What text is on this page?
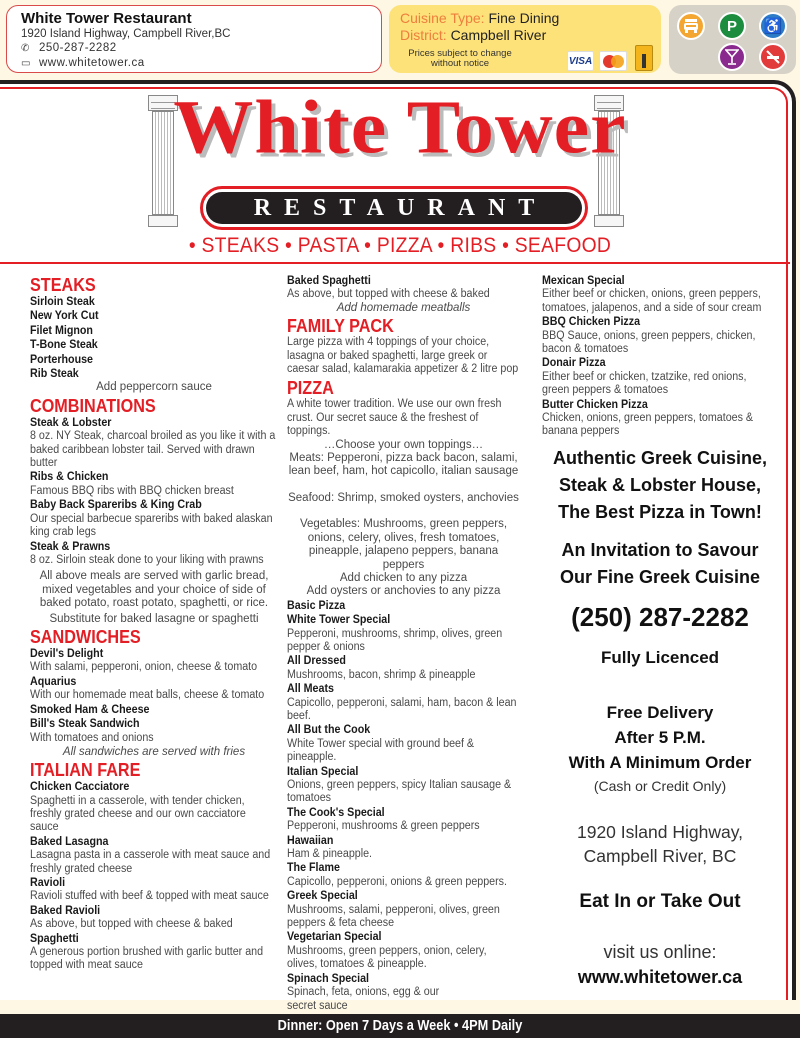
White Tower Restaurant
1920 Island Highway, Campbell River,BC
✆ 250-287-2282
▭ www.whitetower.ca
Cuisine Type: Fine Dining
District: Campbell River
Prices subject to change without notice	VISA
P	♿
White Tower
RESTAURANT
• STEAKS • PASTA • PIZZA • RIBS • SEAFOOD
STEAKS
Sirloin Steak
New York Cut
Filet Mignon
T-Bone Steak
Porterhouse
Rib Steak
Add peppercorn sauce
COMBINATIONS
Steak & Lobster
8 oz. NY Steak, charcoal broiled as you like it with a baked caribbean lobster tail. Served with drawn butter
Ribs & Chicken
Famous BBQ ribs with BBQ chicken breast
Baby Back Spareribs & King Crab
Our special barbecue spareribs with baked alaskan king crab legs
Steak & Prawns
8 oz. Sirloin steak done to your liking with prawns
All above meals are served with garlic bread, mixed vegetables and your choice of side of baked potato, roast potato, spaghetti, or rice.
Substitute for baked lasagne or spaghetti
SANDWICHES
Devil's Delight
With salami, pepperoni, onion, cheese & tomato
Aquarius
With our homemade meat balls, cheese & tomato
Smoked Ham & Cheese
Bill's Steak Sandwich
With tomatoes and onions
All sandwiches are served with fries
ITALIAN FARE
Chicken Cacciatore
Spaghetti in a casserole, with tender chicken, freshly grated cheese and our own cacciatore sauce
Baked Lasagna
Lasagna pasta in a casserole with meat sauce and freshly grated cheese
Ravioli
Ravioli stuffed with beef & topped with meat sauce
Baked Ravioli
As above, but topped with cheese & baked
Spaghetti
A generous portion brushed with garlic butter and topped with meat sauce
Baked Spaghetti
As above, but topped with cheese & baked
Add homemade meatballs
FAMILY PACK
Large pizza with 4 toppings of your choice, lasagna or baked spaghetti, large greek or caesar salad, kalamarakia appetizer & 2 litre pop
PIZZA
A white tower tradition. We use our own fresh crust. Our secret sauce & the freshest of toppings.
…Choose your own toppings…
Meats: Pepperoni, pizza back bacon, salami, lean beef, ham, hot capicollo, italian sausage
Seafood: Shrimp, smoked oysters, anchovies
Vegetables: Mushrooms, green peppers, onions, celery, olives, fresh tomatoes, pineapple, jalapeno peppers, banana peppers
Add chicken to any pizza
Add oysters or anchovies to any pizza
Basic Pizza
White Tower Special
Pepperoni, mushrooms, shrimp, olives, green pepper & onions
All Dressed
Mushrooms, bacon, shrimp & pineapple
All Meats
Capicollo, pepperoni, salami, ham, bacon & lean beef.
All But the Cook
White Tower special with ground beef & pineapple.
Italian Special
Onions, green peppers, spicy Italian sausage & tomatoes
The Cook's Special
Pepperoni, mushrooms & green peppers
Hawaiian
Ham & pineapple.
The Flame
Capicollo, pepperoni, onions & green peppers.
Greek Special
Mushrooms, salami, pepperoni, olives, green peppers & feta cheese
Vegetarian Special
Mushrooms, green peppers, onion, celery, olives, tomatoes & pineapple.
Spinach Special
Spinach, feta, onions, egg & our secret sauce
Mexican Special
Either beef or chicken, onions, green peppers, tomatoes, jalapenos, and a side of sour cream
BBQ Chicken Pizza
BBQ Sauce, onions, green peppers, chicken, bacon & tomatoes
Donair Pizza
Either beef or chicken, tzatzike, red onions, green peppers & tomatoes
Butter Chicken Pizza
Chicken, onions, green peppers, tomatoes & banana peppers
Authentic Greek Cuisine,
Steak & Lobster House,
The Best Pizza in Town!
An Invitation to Savour
Our Fine Greek Cuisine
(250) 287-2282
Fully Licenced
Free Delivery
After 5 P.M.
With A Minimum Order
(Cash or Credit Only)
1920 Island Highway,
Campbell River, BC
Eat In or Take Out
visit us online:
www.whitetower.ca
Dinner: Open 7 Days a Week • 4PM Daily
